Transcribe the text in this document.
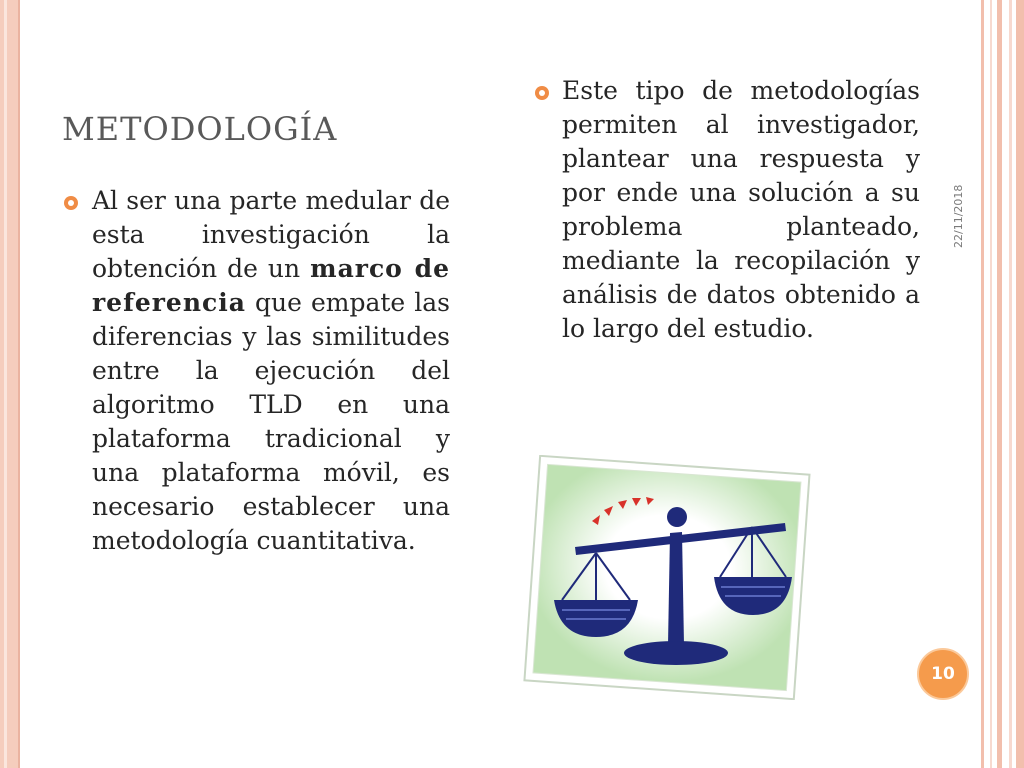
22/11/2018
METODOLOGÍA
Al ser una parte medular de esta investigación la obtención de un marco de referencia que empate las diferencias y las similitudes entre la ejecución del algoritmo TLD en una plataforma tradicional y una plataforma móvil, es necesario establecer una metodología cuantitativa.
Este tipo de metodologías permiten al investigador, plantear una respuesta y por ende una solución a su problema planteado, mediante la recopilación y análisis de datos obtenido a lo largo del estudio.
10
